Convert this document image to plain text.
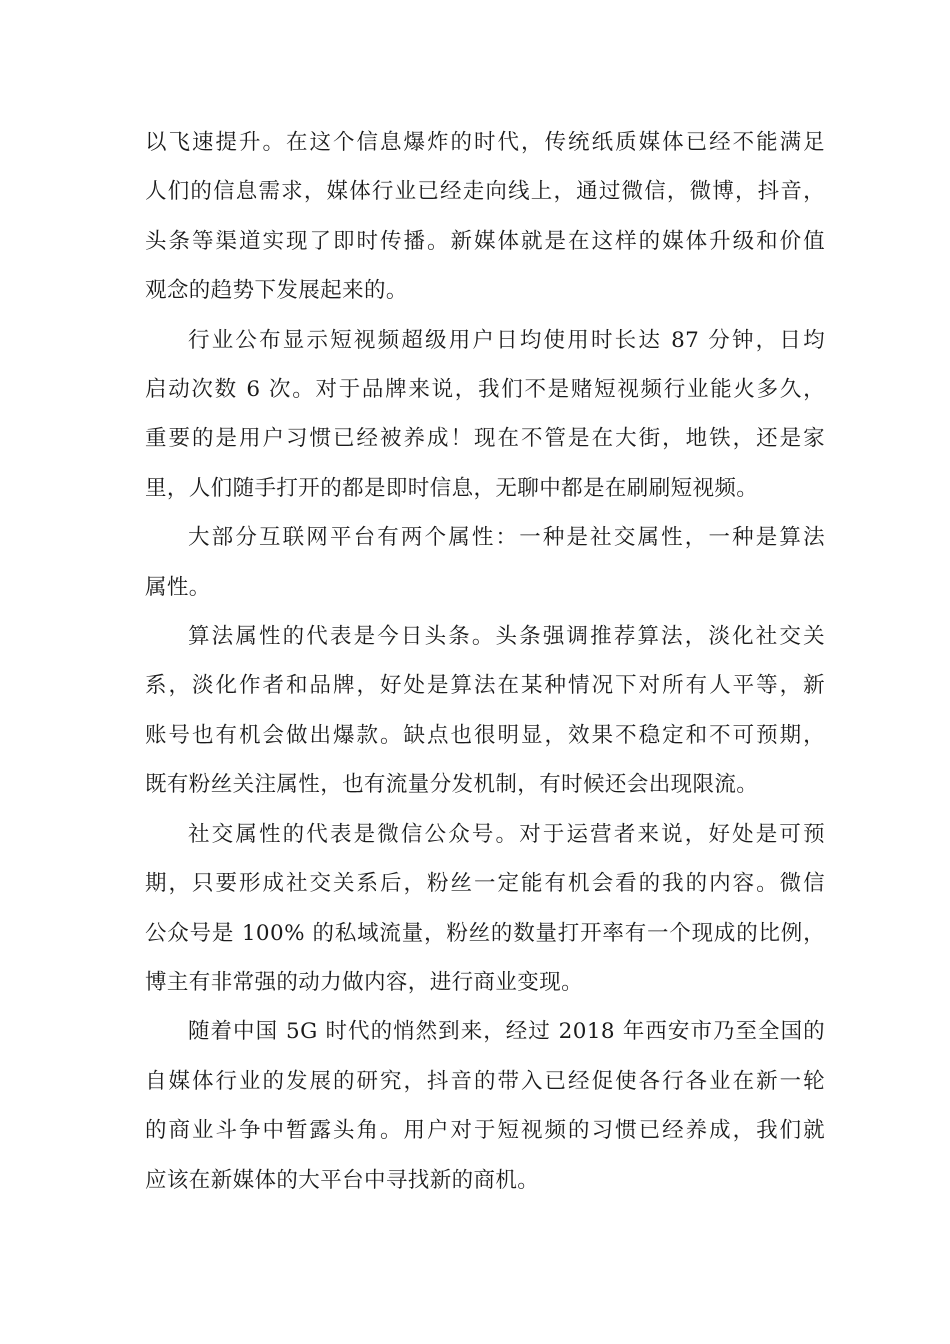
以飞速提升。在这个信息爆炸的时代，传统纸质媒体已经不能满足
人们的信息需求，媒体行业已经走向线上，通过微信，微博，抖音，
头条等渠道实现了即时传播。新媒体就是在这样的媒体升级和价值
观念的趋势下发展起来的。

行业公布显示短视频超级用户日均使用时长达 87 分钟，日均
启动次数 6 次。对于品牌来说，我们不是赌短视频行业能火多久，
重要的是用户习惯已经被养成！现在不管是在大街，地铁，还是家
里，人们随手打开的都是即时信息，无聊中都是在刷刷短视频。

大部分互联网平台有两个属性：一种是社交属性，一种是算法
属性。

算法属性的代表是今日头条。头条强调推荐算法，淡化社交关
系，淡化作者和品牌，好处是算法在某种情况下对所有人平等，新
账号也有机会做出爆款。缺点也很明显，效果不稳定和不可预期，
既有粉丝关注属性，也有流量分发机制，有时候还会出现限流。

社交属性的代表是微信公众号。对于运营者来说，好处是可预
期，只要形成社交关系后，粉丝一定能有机会看的我的内容。微信
公众号是 100% 的私域流量，粉丝的数量打开率有一个现成的比例，
博主有非常强的动力做内容，进行商业变现。

随着中国 5G 时代的悄然到来，经过 2018 年西安市乃至全国的
自媒体行业的发展的研究，抖音的带入已经促使各行各业在新一轮
的商业斗争中暂露头角。用户对于短视频的习惯已经养成，我们就
应该在新媒体的大平台中寻找新的商机。
